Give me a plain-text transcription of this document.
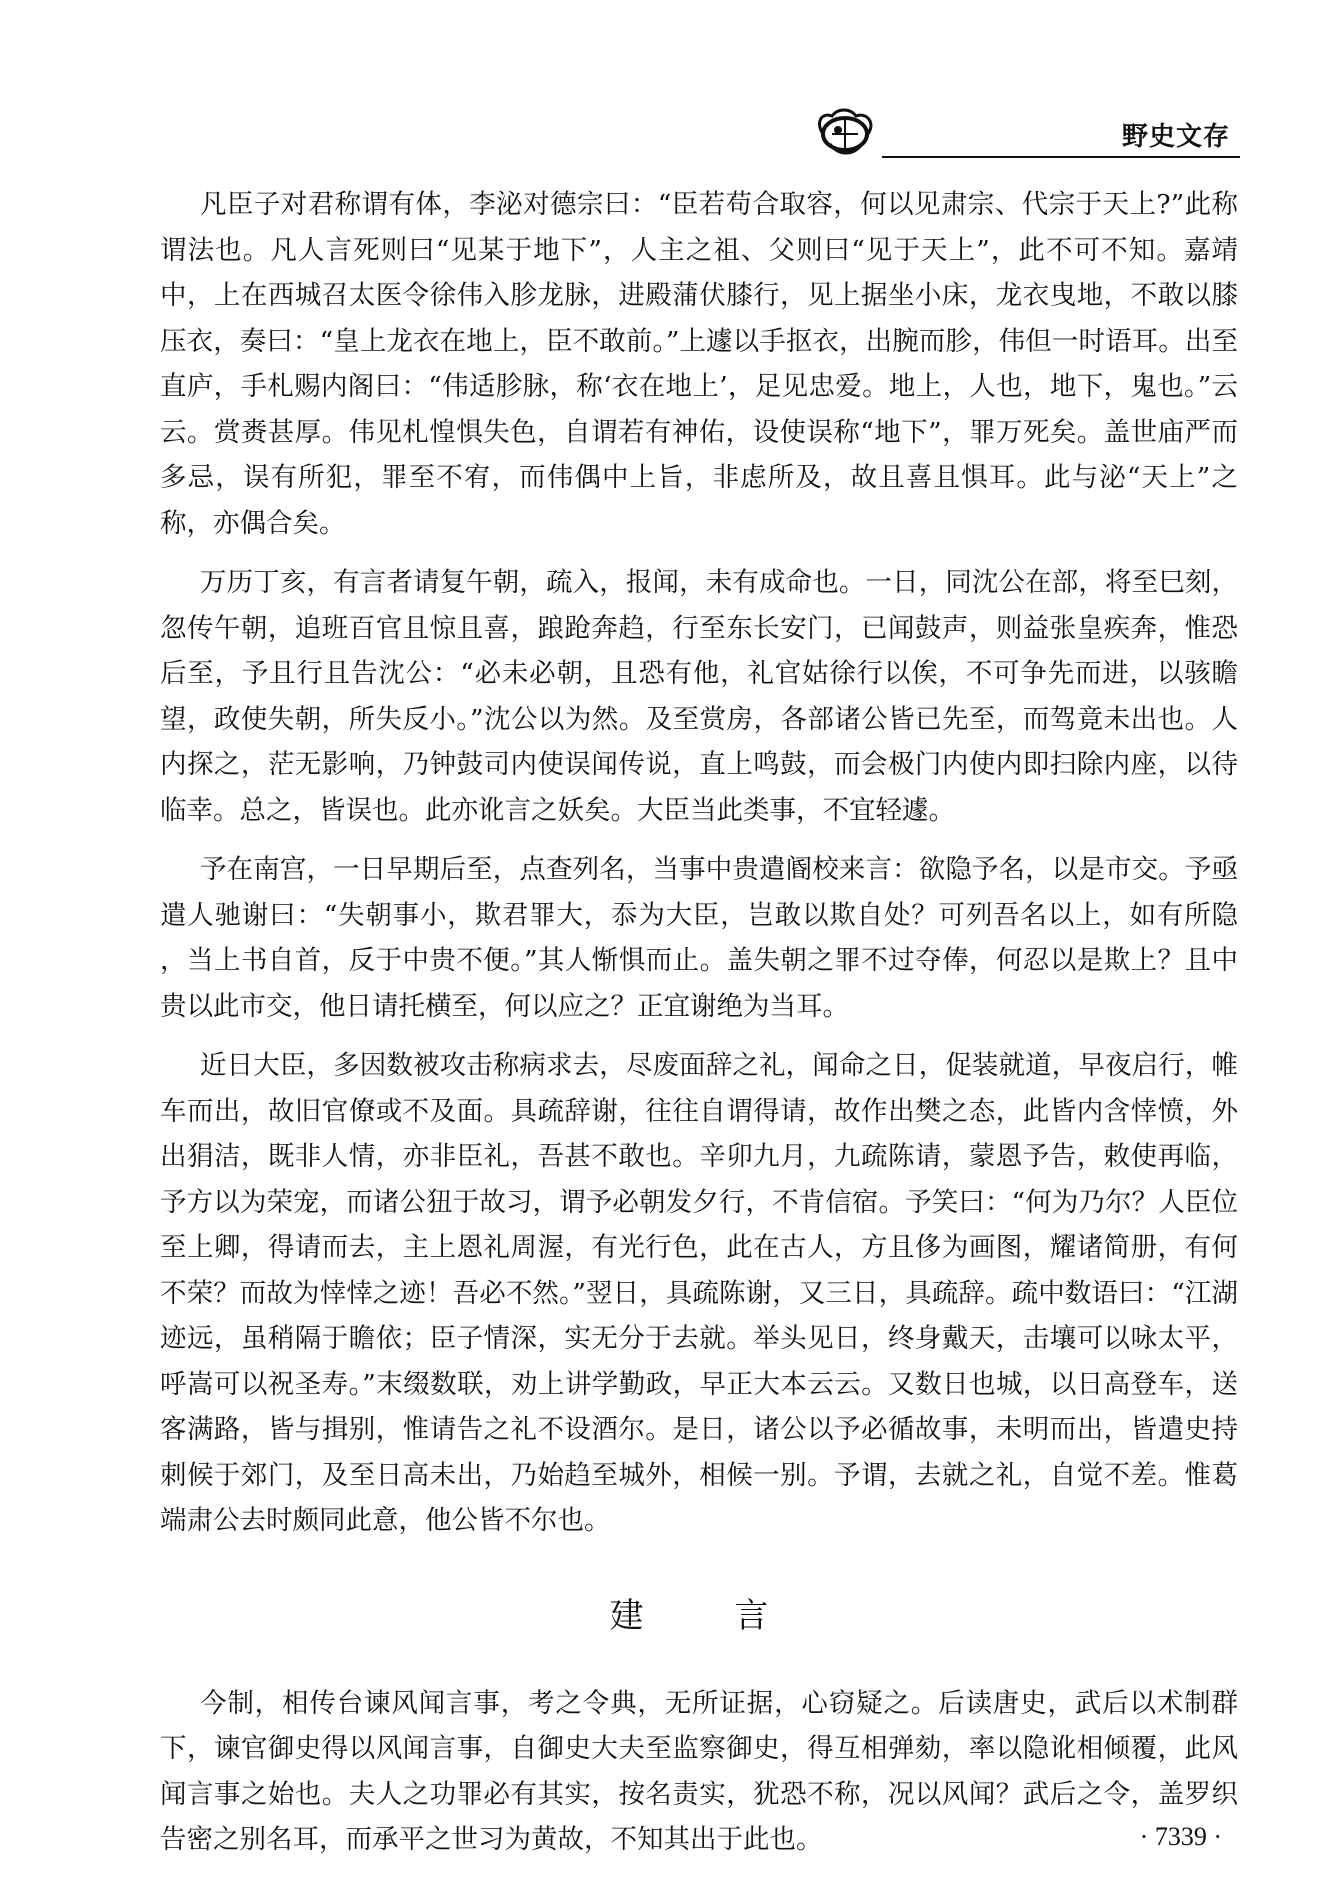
野史文存

凡臣子对君称谓有体，李泌对德宗曰：“臣若苟合取容，何以见肃宗、代宗于天上?”此称谓法也。凡人言死则曰“见某于地下”，人主之祖、父则曰“见于天上”，此不可不知。嘉靖中，上在西城召太医令徐伟入胗龙脉，进殿蒲伏膝行，见上据坐小床，龙衣曳地，不敢以膝压衣，奏曰：“皇上龙衣在地上，臣不敢前。”上遽以手抠衣，出腕而胗，伟但一时语耳。出至直庐，手札赐内阁曰：“伟适胗脉，称‘衣在地上’，足见忠爱。地上，人也，地下，鬼也。”云云。赏赉甚厚。伟见札惶惧失色，自谓若有神佑，设使误称“地下”，罪万死矣。盖世庙严而多忌，误有所犯，罪至不宥，而伟偶中上旨，非虑所及，故且喜且惧耳。此与泌“天上”之称，亦偶合矣。

万历丁亥，有言者请复午朝，疏入，报闻，未有成命也。一日，同沈公在部，将至巳刻，忽传午朝，追班百官且惊且喜，踉跄奔趋，行至东长安门，已闻鼓声，则益张皇疾奔，惟恐后至，予且行且告沈公：“必未必朝，且恐有他，礼官姑徐行以俟，不可争先而进，以骇瞻望，政使失朝，所失反小。”沈公以为然。及至赏房，各部诸公皆已先至，而驾竟未出也。人内探之，茫无影响，乃钟鼓司内使误闻传说，直上鸣鼓，而会极门内使内即扫除内座，以待临幸。总之，皆误也。此亦讹言之妖矣。大臣当此类事，不宜轻遽。

予在南宫，一日早期后至，点查列名，当事中贵遣阍校来言：欲隐予名，以是市交。予亟遣人驰谢曰：“失朝事小，欺君罪大，忝为大臣，岂敢以欺自处？可列吾名以上，如有所隐 ，当上书自首，反于中贵不便。”其人惭惧而止。盖失朝之罪不过夺俸，何忍以是欺上？且中贵以此市交，他日请托横至，何以应之？正宜谢绝为当耳。

近日大臣，多因数被攻击称病求去，尽废面辞之礼，闻命之日，促装就道，早夜启行，帷车而出，故旧官僚或不及面。具疏辞谢，往往自谓得请，故作出樊之态，此皆内含悻愤，外出狷洁，既非人情，亦非臣礼，吾甚不敢也。辛卯九月，九疏陈请，蒙恩予告，敕使再临，予方以为荣宠，而诸公狃于故习，谓予必朝发夕行，不肯信宿。予笑曰：“何为乃尔？人臣位至上卿，得请而去，主上恩礼周渥，有光行色，此在古人，方且侈为画图，耀诸简册，有何不荣？而故为悻悻之迹！吾必不然。”翌日，具疏陈谢，又三日，具疏辞。疏中数语曰：“江湖迹远，虽稍隔于瞻依；臣子情深，实无分于去就。举头见日，终身戴天，击壤可以咏太平，呼嵩可以祝圣寿。”末缀数联，劝上讲学勤政，早正大本云云。又数日也城，以日高登车，送客满路，皆与揖别，惟请告之礼不设酒尔。是日，诸公以予必循故事，未明而出，皆遣史持刺候于郊门，及至日高未出，乃始趋至城外，相候一别。予谓，去就之礼，自觉不差。惟葛端肃公去时颇同此意，他公皆不尔也。

建 言

今制，相传台谏风闻言事，考之令典，无所证据，心窃疑之。后读唐史，武后以术制群下，谏官御史得以风闻言事，自御史大夫至监察御史，得互相弹劾，率以隐讹相倾覆，此风闻言事之始也。夫人之功罪必有其实，按名责实，犹恐不称，况以风闻？武后之令，盖罗织告密之别名耳，而承平之世习为黄故，不知其出于此也。	· 7339 ·
